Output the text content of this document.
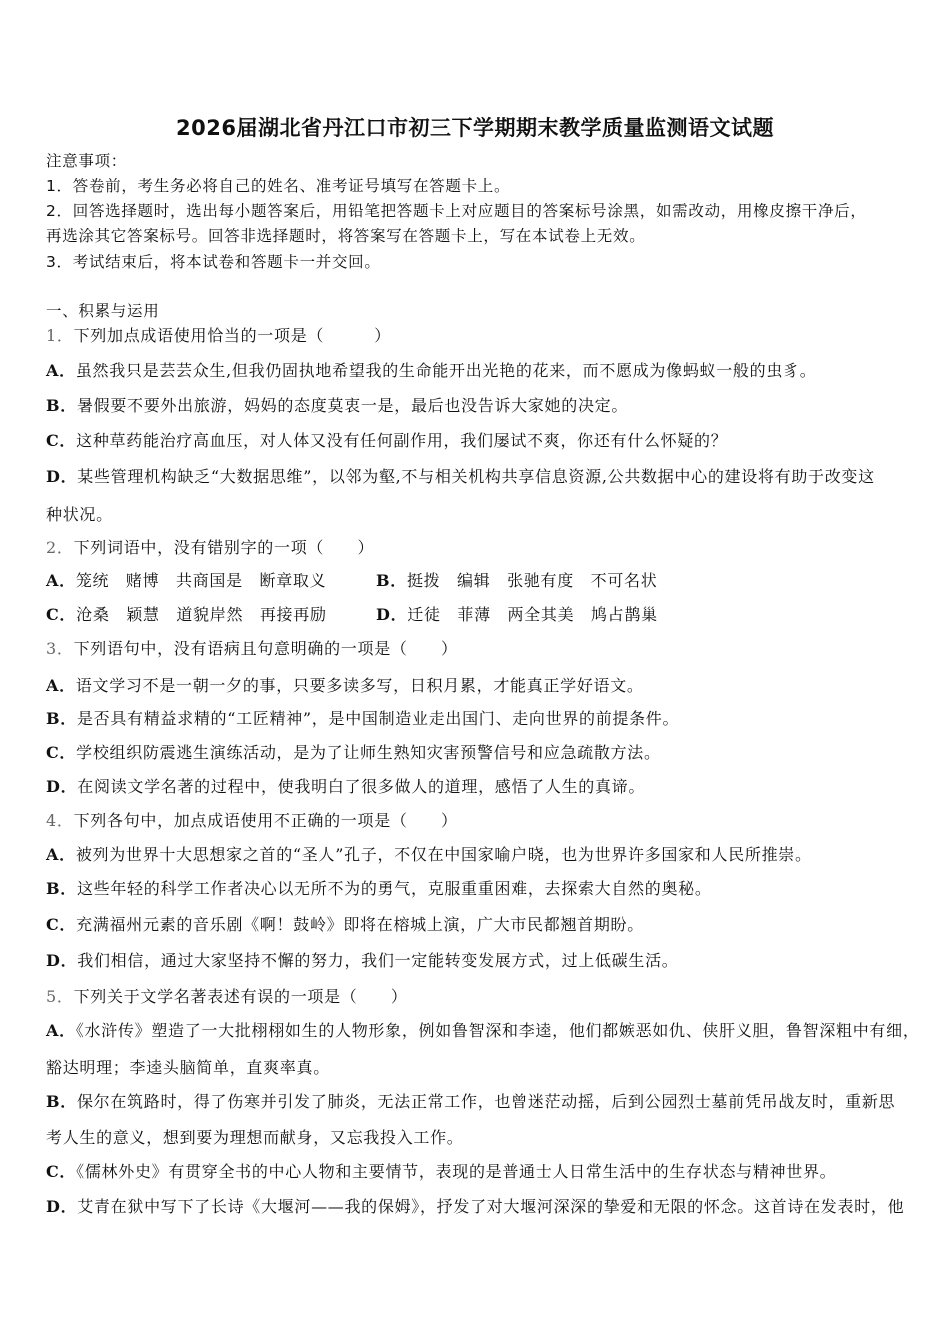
2026届湖北省丹江口市初三下学期期末教学质量监测语文试题
注意事项：
1．答卷前，考生务必将自己的姓名、准考证号填写在答题卡上。
2．回答选择题时，选出每小题答案后，用铅笔把答题卡上对应题目的答案标号涂黑，如需改动，用橡皮擦干净后，
再选涂其它答案标号。回答非选择题时，将答案写在答题卡上，写在本试卷上无效。
3．考试结束后，将本试卷和答题卡一并交回。
一、积累与运用
1．下列加点成语使用恰当的一项是（　　　）
A．虽然我只是芸芸众生,但我仍固执地希望我的生命能开出光艳的花来，而不愿成为像蚂蚁一般的虫豸。
B．暑假要不要外出旅游，妈妈的态度莫衷一是，最后也没告诉大家她的决定。
C．这种草药能治疗高血压，对人体又没有任何副作用，我们屡试不爽，你还有什么怀疑的？
D．某些管理机构缺乏“大数据思维”，以邻为壑,不与相关机构共享信息资源,公共数据中心的建设将有助于改变这
种状况。
2．下列词语中，没有错别字的一项（　　）
A．笼统　赌博　共商国是　断章取义	B．挺拨　编辑　张驰有度　不可名状
C．沧桑　颖慧　道貌岸然　再接再励	D．迁徒　菲薄　两全其美　鸠占鹊巢
3．下列语句中，没有语病且句意明确的一项是（　　）
A．语文学习不是一朝一夕的事，只要多读多写，日积月累，才能真正学好语文。
B．是否具有精益求精的“工匠精神”，是中国制造业走出国门、走向世界的前提条件。
C．学校组织防震逃生演练活动，是为了让师生熟知灾害预警信号和应急疏散方法。
D．在阅读文学名著的过程中，使我明白了很多做人的道理，感悟了人生的真谛。
4．下列各句中，加点成语使用不正确的一项是（　　）
A．被列为世界十大思想家之首的“圣人”孔子，不仅在中国家喻户晓，也为世界许多国家和人民所推崇。
B．这些年轻的科学工作者决心以无所不为的勇气，克服重重困难，去探索大自然的奥秘。
C．充满福州元素的音乐剧《啊！鼓岭》即将在榕城上演，广大市民都翘首期盼。
D．我们相信，通过大家坚持不懈的努力，我们一定能转变发展方式，过上低碳生活。
5．下列关于文学名著表述有误的一项是（　　）
A．《水浒传》塑造了一大批栩栩如生的人物形象，例如鲁智深和李逵，他们都嫉恶如仇、侠肝义胆，鲁智深粗中有细，
豁达明理；李逵头脑简单，直爽率真。
B．保尔在筑路时，得了伤寒并引发了肺炎，无法正常工作，也曾迷茫动摇，后到公园烈士墓前凭吊战友时，重新思
考人生的意义，想到要为理想而献身，又忘我投入工作。
C．《儒林外史》有贯穿全书的中心人物和主要情节，表现的是普通士人日常生活中的生存状态与精神世界。
D．艾青在狱中写下了长诗《大堰河——我的保姆》，抒发了对大堰河深深的挚爱和无限的怀念。这首诗在发表时，他
